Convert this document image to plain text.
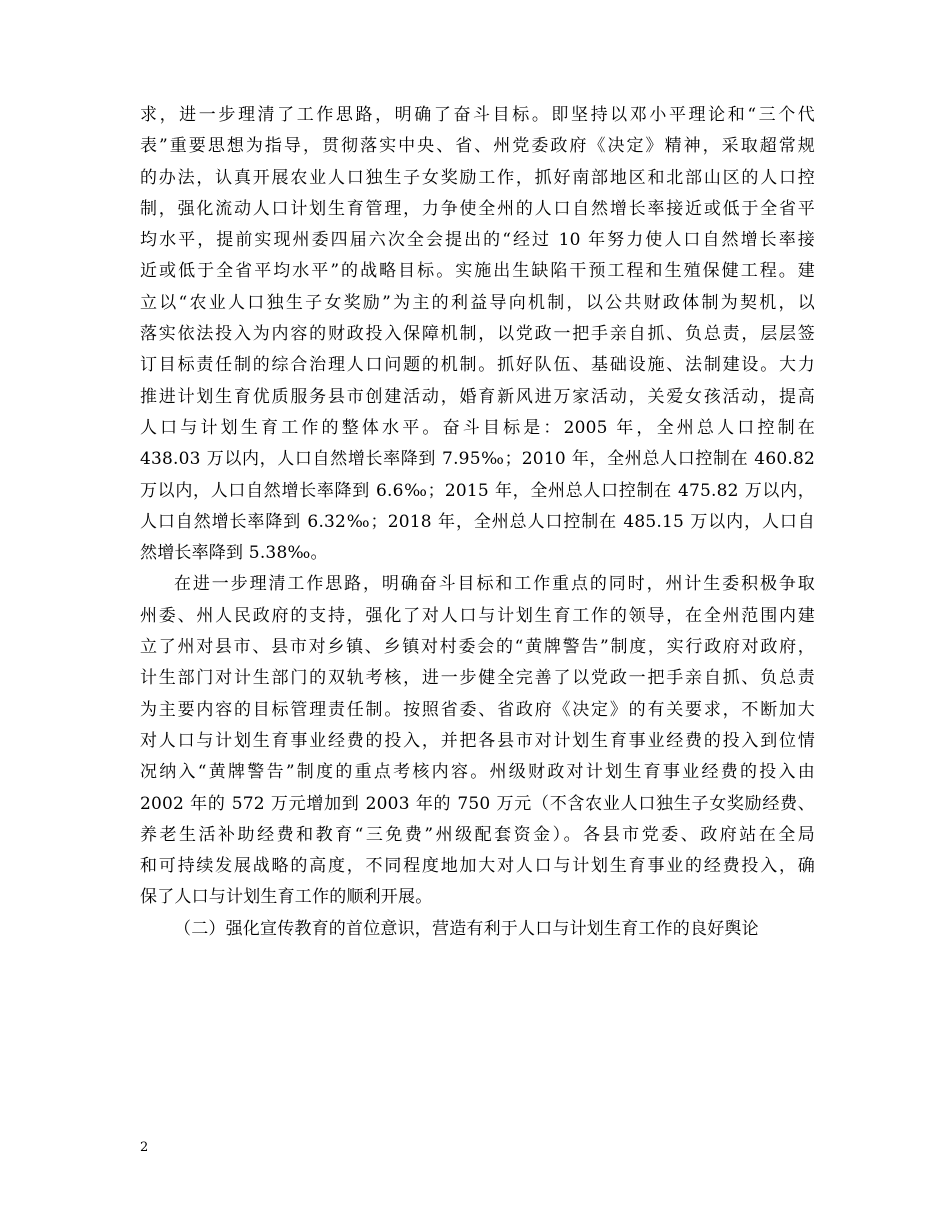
求，进一步理清了工作思路，明确了奋斗目标。即坚持以邓小平理论和“三个代
表”重要思想为指导，贯彻落实中央、省、州党委政府《决定》精神，采取超常规
的办法，认真开展农业人口独生子女奖励工作，抓好南部地区和北部山区的人口控
制，强化流动人口计划生育管理，力争使全州的人口自然增长率接近或低于全省平
均水平，提前实现州委四届六次全会提出的“经过 10 年努力使人口自然增长率接
近或低于全省平均水平”的战略目标。实施出生缺陷干预工程和生殖保健工程。建
立以“农业人口独生子女奖励”为主的利益导向机制，以公共财政体制为契机，以
落实依法投入为内容的财政投入保障机制，以党政一把手亲自抓、负总责，层层签
订目标责任制的综合治理人口问题的机制。抓好队伍、基础设施、法制建设。大力
推进计划生育优质服务县市创建活动，婚育新风进万家活动，关爱女孩活动，提高
人口与计划生育工作的整体水平。奋斗目标是：2005 年，全州总人口控制在
438.03 万以内，人口自然增长率降到 7.95‰；2010 年，全州总人口控制在 460.82
万以内，人口自然增长率降到 6.6‰；2015 年，全州总人口控制在 475.82 万以内，
人口自然增长率降到 6.32‰；2018 年，全州总人口控制在 485.15 万以内，人口自
然增长率降到 5.38‰。
在进一步理清工作思路，明确奋斗目标和工作重点的同时，州计生委积极争取
州委、州人民政府的支持，强化了对人口与计划生育工作的领导，在全州范围内建
立了州对县市、县市对乡镇、乡镇对村委会的“黄牌警告”制度，实行政府对政府，
计生部门对计生部门的双轨考核，进一步健全完善了以党政一把手亲自抓、负总责
为主要内容的目标管理责任制。按照省委、省政府《决定》的有关要求，不断加大
对人口与计划生育事业经费的投入，并把各县市对计划生育事业经费的投入到位情
况纳入“黄牌警告”制度的重点考核内容。州级财政对计划生育事业经费的投入由
2002 年的 572 万元增加到 2003 年的 750 万元（不含农业人口独生子女奖励经费、
养老生活补助经费和教育“三免费”州级配套资金）。各县市党委、政府站在全局
和可持续发展战略的高度，不同程度地加大对人口与计划生育事业的经费投入，确
保了人口与计划生育工作的顺利开展。
（二）强化宣传教育的首位意识，营造有利于人口与计划生育工作的良好舆论
2
